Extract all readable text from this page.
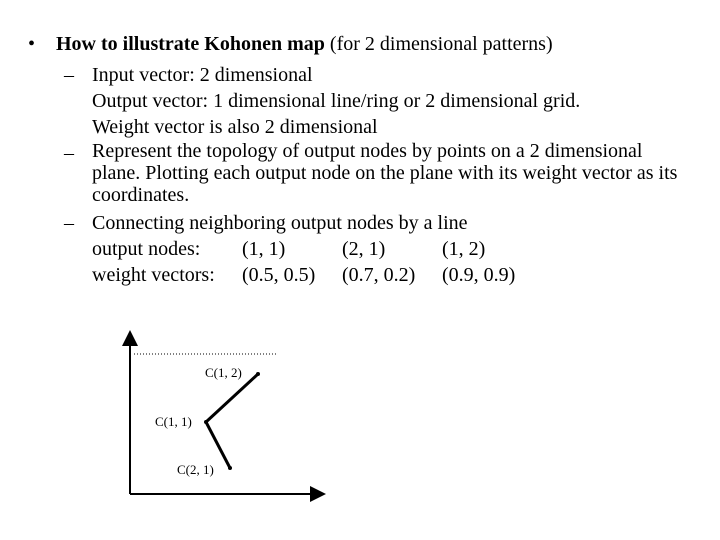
• How to illustrate Kohonen map (for 2 dimensional patterns)
– Input vector: 2 dimensional
Output vector: 1 dimensional line/ring or 2 dimensional grid.
Weight vector is also 2 dimensional
– Represent the topology of output nodes by points on a 2 dimensional plane. Plotting each output node on the plane with its weight vector as its coordinates.
– Connecting neighboring output nodes by a line
output nodes:	(1, 1)	(2, 1)	(1, 2)
weight vectors:	(0.5, 0.5)	(0.7, 0.2)	(0.9, 0.9)
C(1, 2)
C(1, 1)
C(2, 1)
